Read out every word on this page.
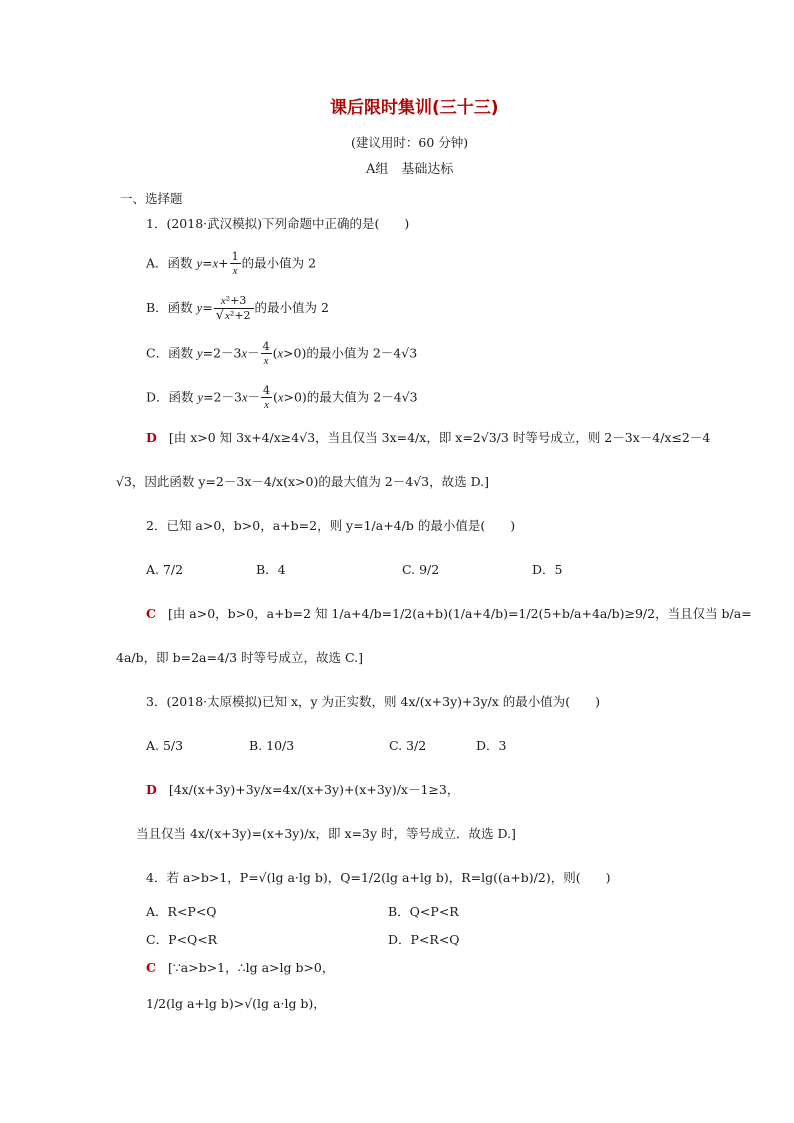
课后限时集训(三十三)
(建议用时：60 分钟)
A组　基础达标
一、选择题
1．(2018·武汉模拟)下列命题中正确的是(　　)
A．函数 $y=x+ \frac{1}{x}$ 的最小值为 2
B．函数 $y= \frac{\text{x²+3}}{\text{√x²+2}}$ 的最小值为 2
C．函数 $y=2-3x- \frac{4}{x} (x>0)$的最小值为 2－4√3
D．函数 $y=2-3x- \frac{4}{x} (x>0)$的最大值为 2－4√3
D [由 x>0 知 3x+4/x≥4√3，当且仅当 3x=4/x，即 x=2√3/3 时等号成立，则 2－3x－4/x≤2－4
√3，因此函数 y=2－3x－4/x(x>0)的最大值为 2－4√3，故选 D.]
2．已知 a>0，b>0，a+b=2，则 y=1/a+4/b 的最小值是(　　)
A. 7/2	B．4	C. 9/2	D．5
C [由 a>0，b>0，a+b=2 知 1/a+4/b=1/2(a+b)(1/a+4/b)=1/2(5+b/a+4a/b)≥9/2，当且仅当 b/a=
4a/b，即 b=2a=4/3 时等号成立，故选 C.]
3．(2018·太原模拟)已知 x，y 为正实数，则 4x/(x+3y)+3y/x 的最小值为(　　)
A. 5/3	B. 10/3	C. 3/2	D．3
D [4x/(x+3y)+3y/x=4x/(x+3y)+(x+3y)/x－1≥3，
当且仅当 4x/(x+3y)=(x+3y)/x，即 x=3y 时，等号成立．故选 D.]
4．若 a>b>1，P=√(lg a·lg b)，Q=1/2(lg a+lg b)，R=lg((a+b)/2)，则(　　)
A．R<P<Q	B．Q<P<R
C．P<Q<R	D．P<R<Q
C [∵a>b>1，∴lg a>lg b>0，
1/2(lg a+lg b)>√(lg a·lg b)，
